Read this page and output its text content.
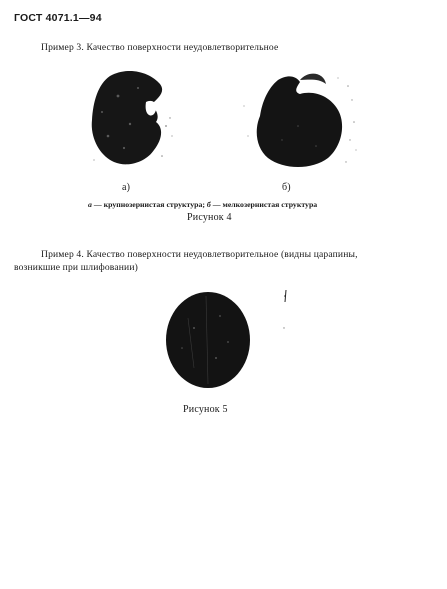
ГОСТ 4071.1—94
Пример 3. Качество поверхности неудовлетворительное
а)	б)
а — крупнозернистая структура; б — мелкозернистая структура
Рисунок 4
Пример 4. Качество поверхности неудовлетворительное (видны царапины,
возникшие при шлифовании)
Рисунок 5
